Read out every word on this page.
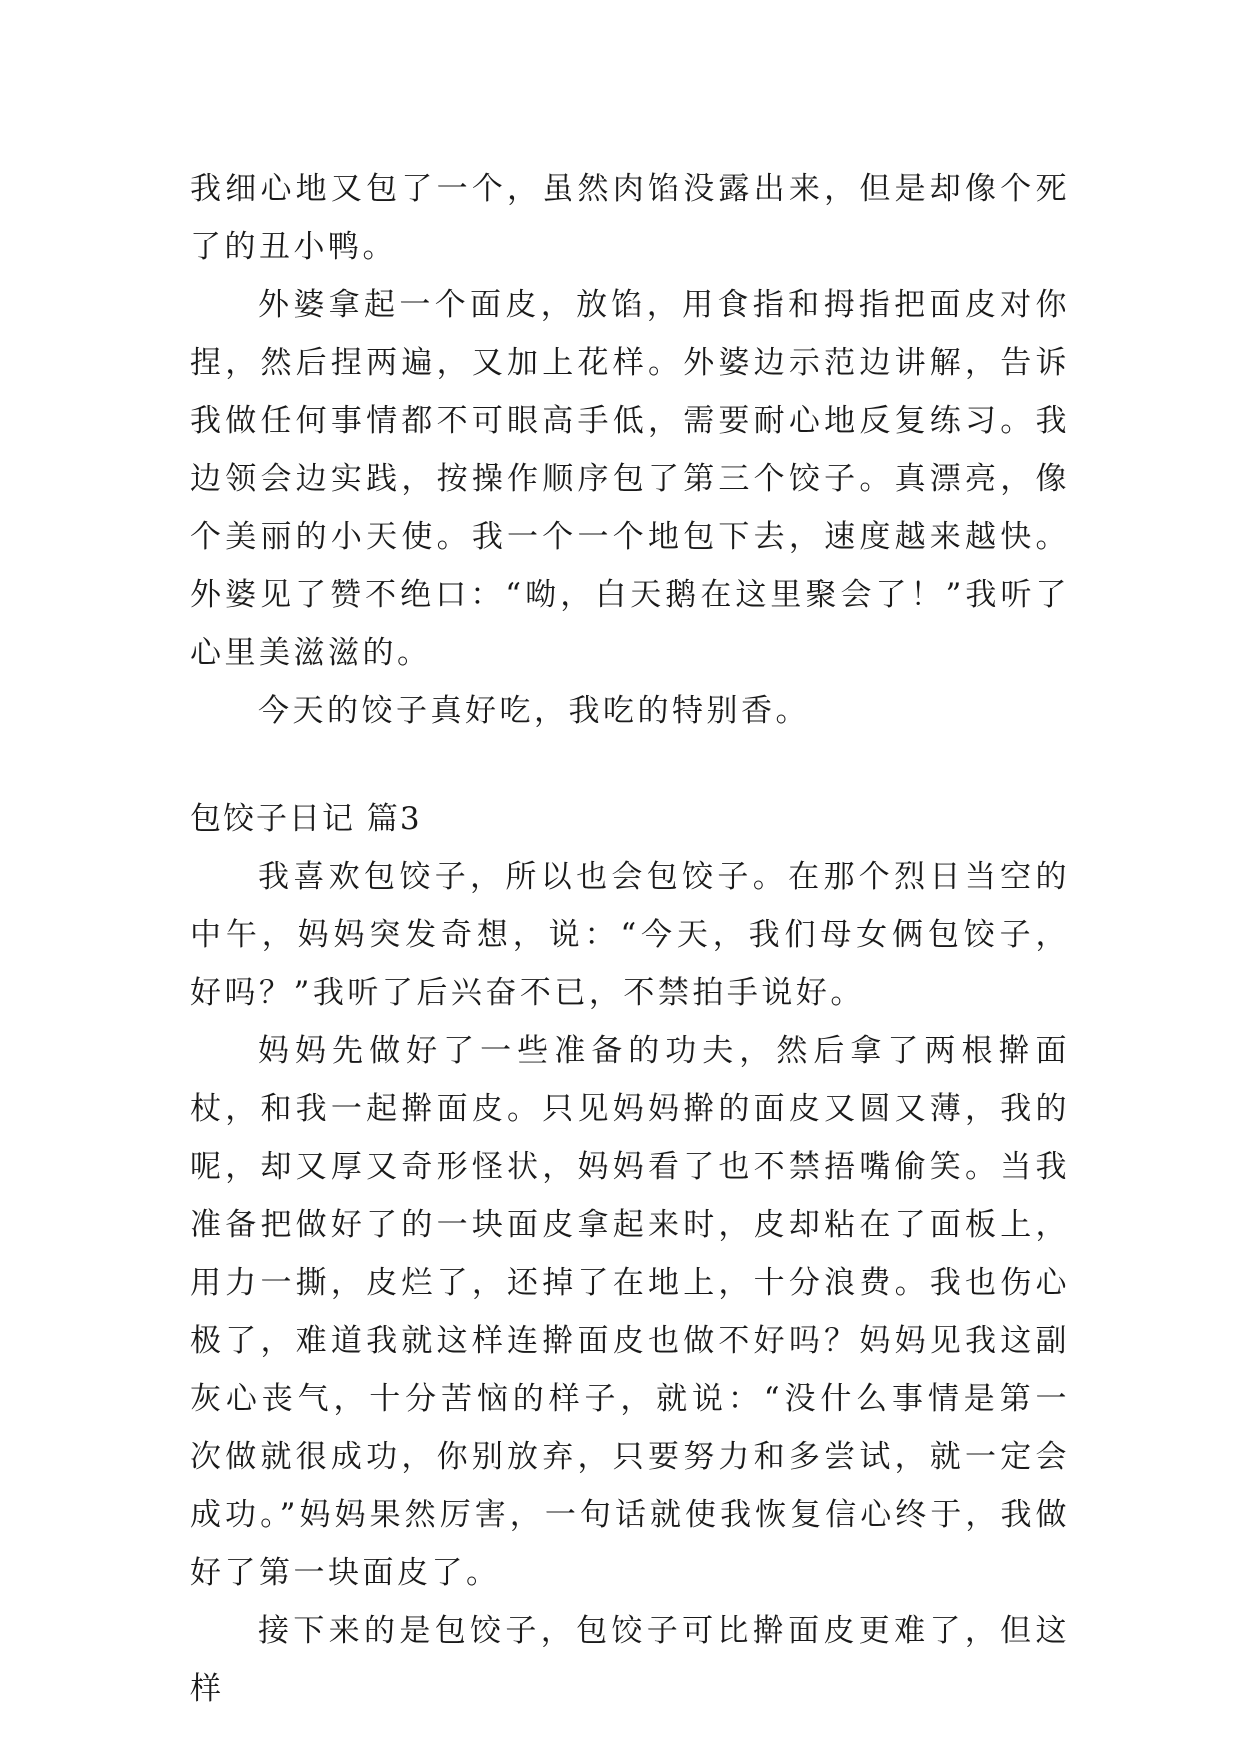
我细心地又包了一个，虽然肉馅没露出来，但是却像个死了的丑小鸭。

外婆拿起一个面皮，放馅，用食指和拇指把面皮对你捏，然后捏两遍，又加上花样。外婆边示范边讲解，告诉我做任何事情都不可眼高手低，需要耐心地反复练习。我边领会边实践，按操作顺序包了第三个饺子。真漂亮，像个美丽的小天使。我一个一个地包下去，速度越来越快。外婆见了赞不绝口：“呦，白天鹅在这里聚会了！”我听了心里美滋滋的。

今天的饺子真好吃，我吃的特别香。

包饺子日记 篇3

我喜欢包饺子，所以也会包饺子。在那个烈日当空的中午，妈妈突发奇想，说：“今天，我们母女俩包饺子，好吗？”我听了后兴奋不已，不禁拍手说好。

妈妈先做好了一些准备的功夫，然后拿了两根擀面杖，和我一起擀面皮。只见妈妈擀的面皮又圆又薄，我的呢，却又厚又奇形怪状，妈妈看了也不禁捂嘴偷笑。当我准备把做好了的一块面皮拿起来时，皮却粘在了面板上，用力一撕，皮烂了，还掉了在地上，十分浪费。我也伤心极了，难道我就这样连擀面皮也做不好吗？妈妈见我这副灰心丧气，十分苦恼的样子，就说：“没什么事情是第一次做就很成功，你别放弃，只要努力和多尝试，就一定会成功。”妈妈果然厉害，一句话就使我恢复信心终于，我做好了第一块面皮了。

接下来的是包饺子，包饺子可比擀面皮更难了，但这样
